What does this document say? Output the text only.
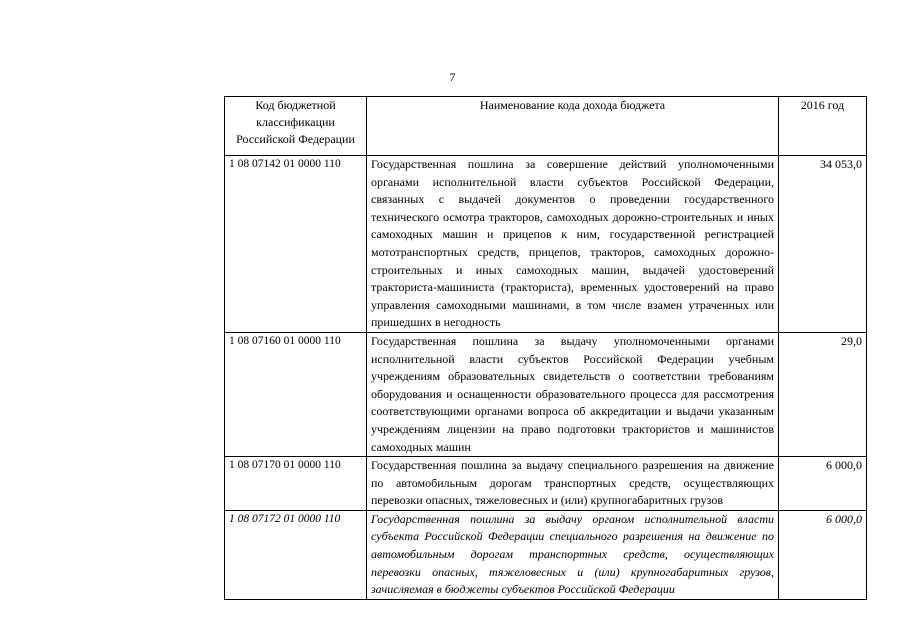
7
Код бюджетной классификации Российской Федерации	Наименование кода дохода бюджета	2016 год
1 08 07142 01 0000 110	Государственная пошлина за совершение действий уполномоченными органами исполнительной власти субъектов Российской Федерации, связанных с выдачей документов о проведении государственного технического осмотра тракторов, самоходных дорожно-строительных и иных самоходных машин и прицепов к ним, государственной регистрацией мототранспортных средств, прицепов, тракторов, самоходных дорожно-строительных и иных самоходных машин, выдачей удостоверений тракториста-машиниста (тракториста), временных удостоверений на право управления самоходными машинами, в том числе взамен утраченных или пришедших в негодность	34 053,0
1 08 07160 01 0000 110	Государственная пошлина за выдачу уполномоченными органами исполнительной власти субъектов Российской Федерации учебным учреждениям образовательных свидетельств о соответствии требованиям оборудования и оснащенности образовательного процесса для рассмотрения соответствующими органами вопроса об аккредитации и выдачи указанным учреждениям лицензии на право подготовки трактористов и машинистов самоходных машин	29,0
1 08 07170 01 0000 110	Государственная пошлина за выдачу специального разрешения на движение по автомобильным дорогам транспортных средств, осуществляющих перевозки опасных, тяжеловесных и (или) крупногабаритных грузов	6 000,0
1 08 07172 01 0000 110	Государственная пошлина за выдачу органом исполнительной власти субъекта Российской Федерации специального разрешения на движение по автомобильным дорогам транспортных средств, осуществляющих перевозки опасных, тяжеловесных и (или) крупногабаритных грузов, зачисляемая в бюджеты субъектов Российской Федерации	6 000,0
